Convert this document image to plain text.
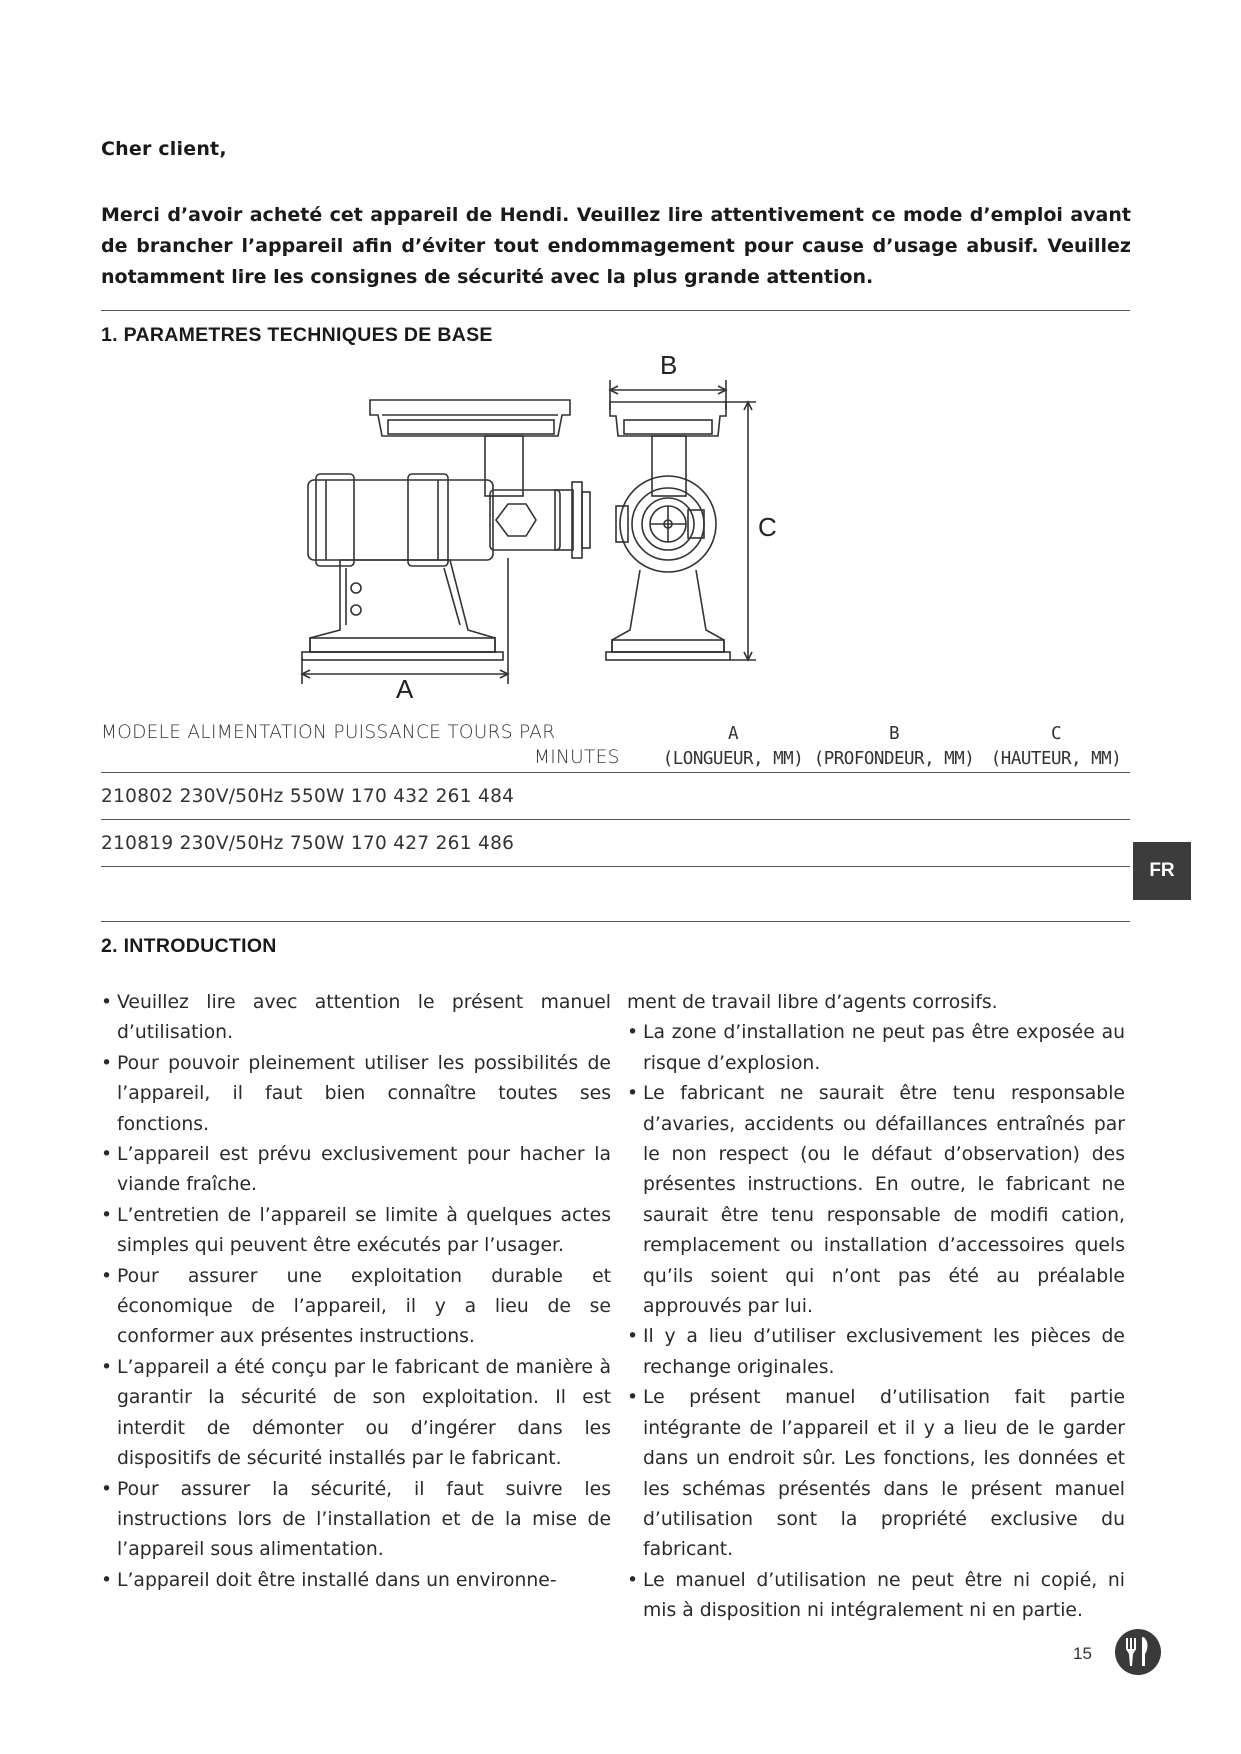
Cher client,
Merci d’avoir acheté cet appareil de Hendi. Veuillez lire attentivement ce mode d’emploi avant de brancher l’appareil afin d’éviter tout endommagement pour cause d’usage abusif. Veuillez notamment lire les consignes de sécurité avec la plus grande attention.
1. PARAMETRES TECHNIQUES DE BASE
A
B
C
MODELE ALIMENTATION PUISSANCE TOURS PAR
MINUTES
A
(LONGUEUR, MM)
B
(PROFONDEUR, MM)
C
(HAUTEUR, MM)
210802 230V/50Hz 550W 170 432 261 484
210819 230V/50Hz 750W 170 427 261 486
FR
2. INTRODUCTION
• Veuillez lire avec attention le présent manuel d’utilisation.
• Pour pouvoir pleinement utiliser les possibilités de l’appareil, il faut bien connaître toutes ses fonctions.
• L’appareil est prévu exclusivement pour hacher la viande fraîche.
• L’entretien de l’appareil se limite à quelques actes simples qui peuvent être exécutés par l’usager.
• Pour assurer une exploitation durable et économique de l’appareil, il y a lieu de se conformer aux présentes instructions.
• L’appareil a été conçu par le fabricant de manière à garantir la sécurité de son exploitation. Il est interdit de démonter ou d’ingérer dans les dispositifs de sécurité installés par le fabricant.
• Pour assurer la sécurité, il faut suivre les instructions lors de l’installation et de la mise de l’appareil sous alimentation.
• L’appareil doit être installé dans un environne-
ment de travail libre d’agents corrosifs.
• La zone d’installation ne peut pas être exposée au risque d’explosion.
• Le fabricant ne saurait être tenu responsable d’avaries, accidents ou défaillances entraînés par le non respect (ou le défaut d’observation) des présentes instructions. En outre, le fabricant ne saurait être tenu responsable de modifi cation, remplacement ou installation d’accessoires quels qu’ils soient qui n’ont pas été au préalable approuvés par lui.
• Il y a lieu d’utiliser exclusivement les pièces de rechange originales.
• Le présent manuel d’utilisation fait partie intégrante de l’appareil et il y a lieu de le garder dans un endroit sûr. Les fonctions, les données et les schémas présentés dans le présent manuel d’utilisation sont la propriété exclusive du fabricant.
• Le manuel d’utilisation ne peut être ni copié, ni mis à disposition ni intégralement ni en partie.
15
